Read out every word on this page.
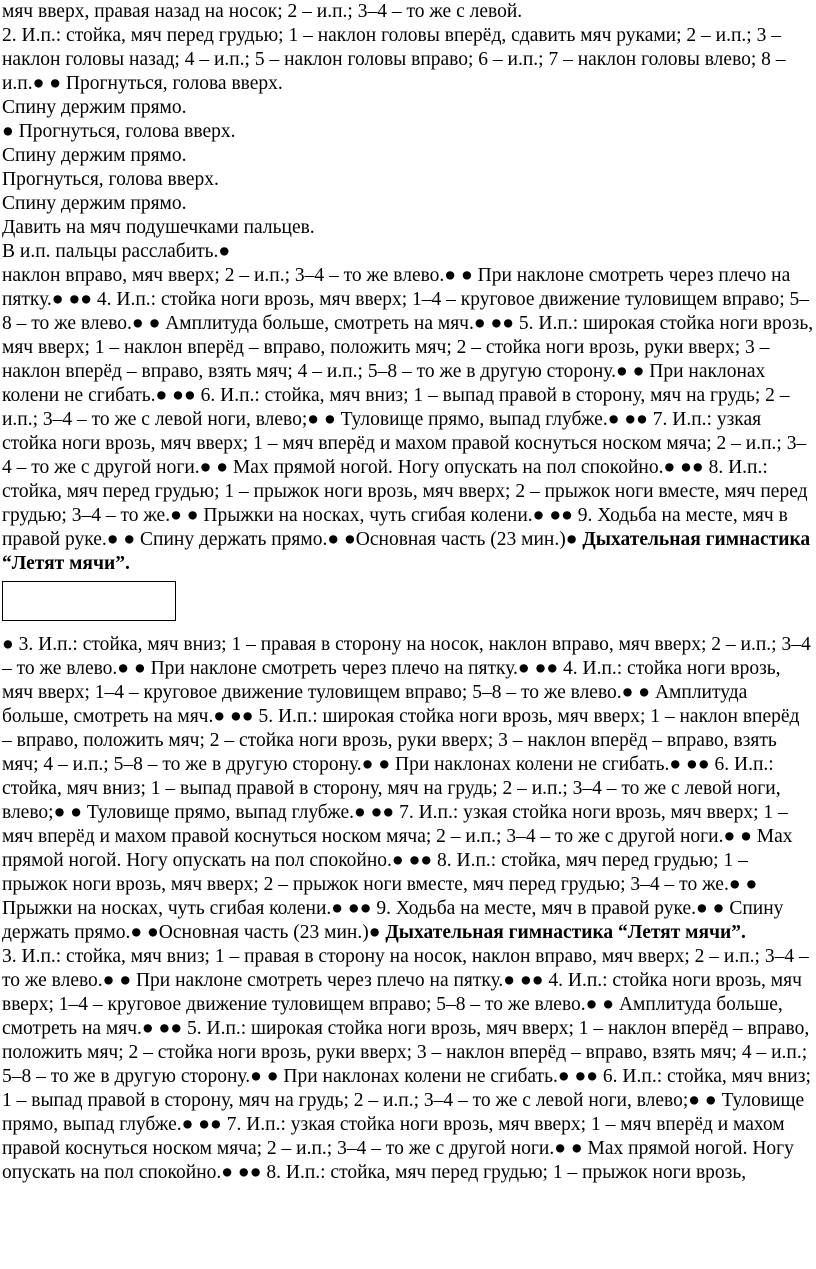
мяч вверх, правая назад на носок; 2 – и.п.; 3–4 – то же с левой.

2. И.п.: стойка, мяч перед грудью; 1 – наклон головы вперёд, сдавить мяч руками; 2 – и.п.; 3 – наклон головы назад; 4 – и.п.; 5 – наклон головы вправо; 6 – и.п.; 7 – наклон головы влево; 8 – и.п.● ● Прогнуться, голова вверх.

Спину держим прямо.

● Прогнуться, голова вверх.

Спину держим прямо.

Прогнуться, голова вверх.

Спину держим прямо.

Давить на мяч подушечками пальцев.

В и.п. пальцы расслабить.●

наклон вправо, мяч вверх; 2 – и.п.; 3–4 – то же влево.● ● При наклоне смотреть через плечо на пятку.● ●● 4. И.п.: стойка ноги врозь, мяч вверх; 1–4 – круговое движение туловищем вправо; 5–8 – то же влево.● ● Амплитуда больше, смотреть на мяч.● ●● 5. И.п.: широкая стойка ноги врозь, мяч вверх; 1 – наклон вперёд – вправо, положить мяч; 2 – стойка ноги врозь, руки вверх; 3 – наклон вперёд – вправо, взять мяч; 4 – и.п.; 5–8 – то же в другую сторону.● ● При наклонах колени не сгибать.● ●● 6. И.п.: стойка, мяч вниз; 1 – выпад правой в сторону, мяч на грудь; 2 – и.п.; 3–4 – то же с левой ноги, влево;● ● Туловище прямо, выпад глубже.● ●● 7. И.п.: узкая стойка ноги врозь, мяч вверх; 1 – мяч вперёд и махом правой коснуться носком мяча; 2 – и.п.; 3–4 – то же с другой ноги.● ● Мах прямой ногой. Ногу опускать на пол спокойно.● ●● 8. И.п.: стойка, мяч перед грудью; 1 – прыжок ноги врозь, мяч вверх; 2 – прыжок ноги вместе, мяч перед грудью; 3–4 – то же.● ● Прыжки на носках, чуть сгибая колени.● ●● 9. Ходьба на месте, мяч в правой руке.● ● Спину держать прямо.● ●Основная часть (23 мин.)● Дыхательная гимнастика “Летят мячи”.

● 3. И.п.: стойка, мяч вниз; 1 – правая в сторону на носок, наклон вправо, мяч вверх; 2 – и.п.; 3–4 – то же влево.● ● При наклоне смотреть через плечо на пятку.● ●● 4. И.п.: стойка ноги врозь, мяч вверх; 1–4 – круговое движение туловищем вправо; 5–8 – то же влево.● ● Амплитуда больше, смотреть на мяч.● ●● 5. И.п.: широкая стойка ноги врозь, мяч вверх; 1 – наклон вперёд – вправо, положить мяч; 2 – стойка ноги врозь, руки вверх; 3 – наклон вперёд – вправо, взять мяч; 4 – и.п.; 5–8 – то же в другую сторону.● ● При наклонах колени не сгибать.● ●● 6. И.п.: стойка, мяч вниз; 1 – выпад правой в сторону, мяч на грудь; 2 – и.п.; 3–4 – то же с левой ноги, влево;● ● Туловище прямо, выпад глубже.● ●● 7. И.п.: узкая стойка ноги врозь, мяч вверх; 1 – мяч вперёд и махом правой коснуться носком мяча; 2 – и.п.; 3–4 – то же с другой ноги.● ● Мах прямой ногой. Ногу опускать на пол спокойно.● ●● 8. И.п.: стойка, мяч перед грудью; 1 – прыжок ноги врозь, мяч вверх; 2 – прыжок ноги вместе, мяч перед грудью; 3–4 – то же.● ● Прыжки на носках, чуть сгибая колени.● ●● 9. Ходьба на месте, мяч в правой руке.● ● Спину держать прямо.● ●Основная часть (23 мин.)● Дыхательная гимнастика “Летят мячи”.

3. И.п.: стойка, мяч вниз; 1 – правая в сторону на носок, наклон вправо, мяч вверх; 2 – и.п.; 3–4 – то же влево.● ● При наклоне смотреть через плечо на пятку.● ●● 4. И.п.: стойка ноги врозь, мяч вверх; 1–4 – круговое движение туловищем вправо; 5–8 – то же влево.● ● Амплитуда больше, смотреть на мяч.● ●● 5. И.п.: широкая стойка ноги врозь, мяч вверх; 1 – наклон вперёд – вправо, положить мяч; 2 – стойка ноги врозь, руки вверх; 3 – наклон вперёд – вправо, взять мяч; 4 – и.п.; 5–8 – то же в другую сторону.● ● При наклонах колени не сгибать.● ●● 6. И.п.: стойка, мяч вниз; 1 – выпад правой в сторону, мяч на грудь; 2 – и.п.; 3–4 – то же с левой ноги, влево;● ● Туловище прямо, выпад глубже.● ●● 7. И.п.: узкая стойка ноги врозь, мяч вверх; 1 – мяч вперёд и махом правой коснуться носком мяча; 2 – и.п.; 3–4 – то же с другой ноги.● ● Мах прямой ногой. Ногу опускать на пол спокойно.● ●● 8. И.п.: стойка, мяч перед грудью; 1 – прыжок ноги врозь,
